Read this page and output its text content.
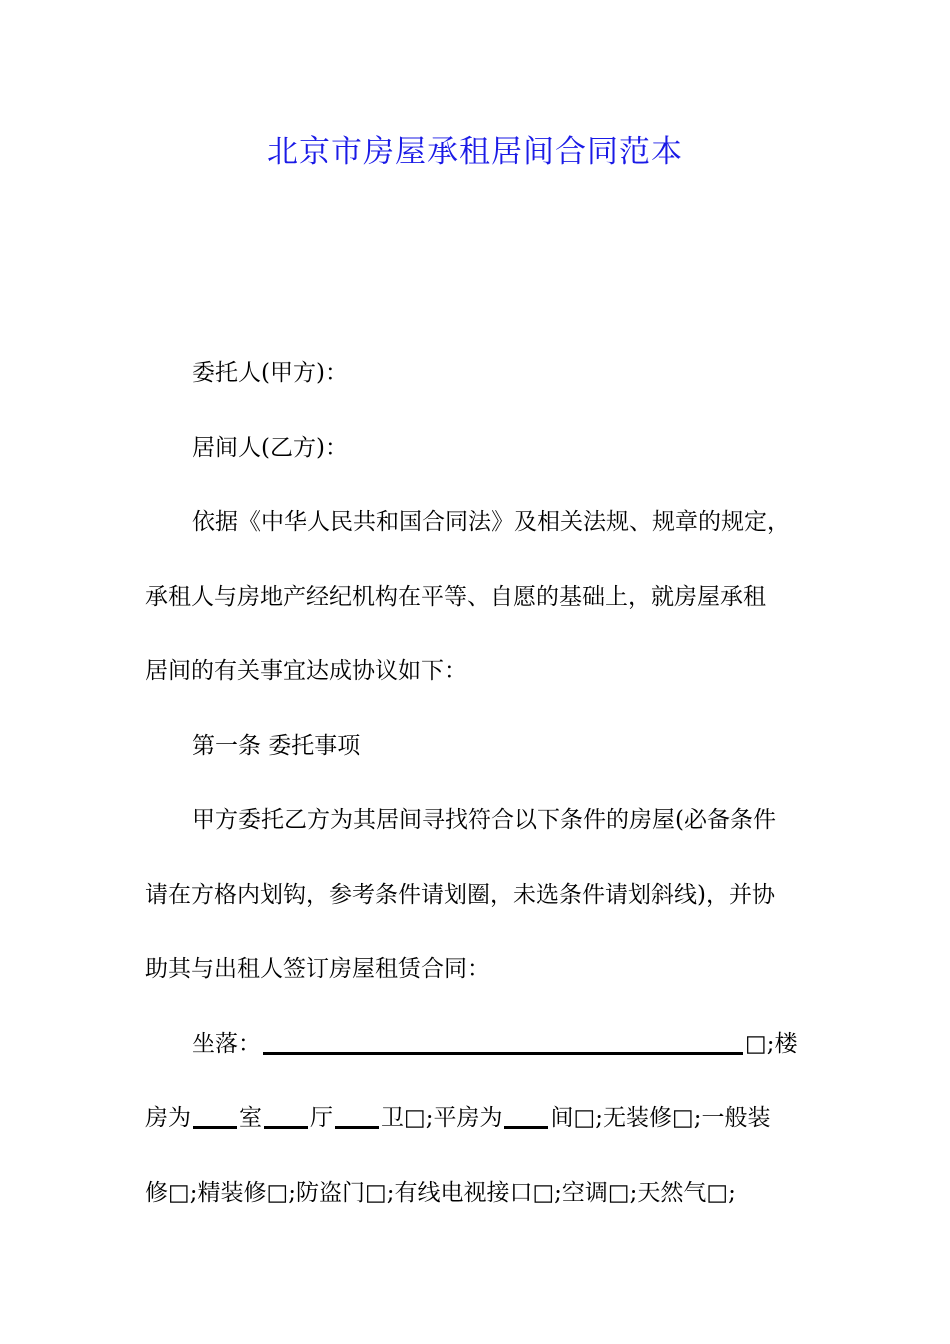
北京市房屋承租居间合同范本
委托人(甲方)：
居间人(乙方)：
依据《中华人民共和国合同法》及相关法规、规章的规定，
承租人与房地产经纪机构在平等、自愿的基础上，就房屋承租
居间的有关事宜达成协议如下：
第一条 委托事项
甲方委托乙方为其居间寻找符合以下条件的房屋(必备条件
请在方格内划钩，参考条件请划圈，未选条件请划斜线)，并协
助其与出租人签订房屋租赁合同：
坐落：	□;楼
房为 室 厅 卫□;平房为 间□;无装修□;一般装
修□;精装修□;防盗门□;有线电视接口□;空调□;天然气□;
